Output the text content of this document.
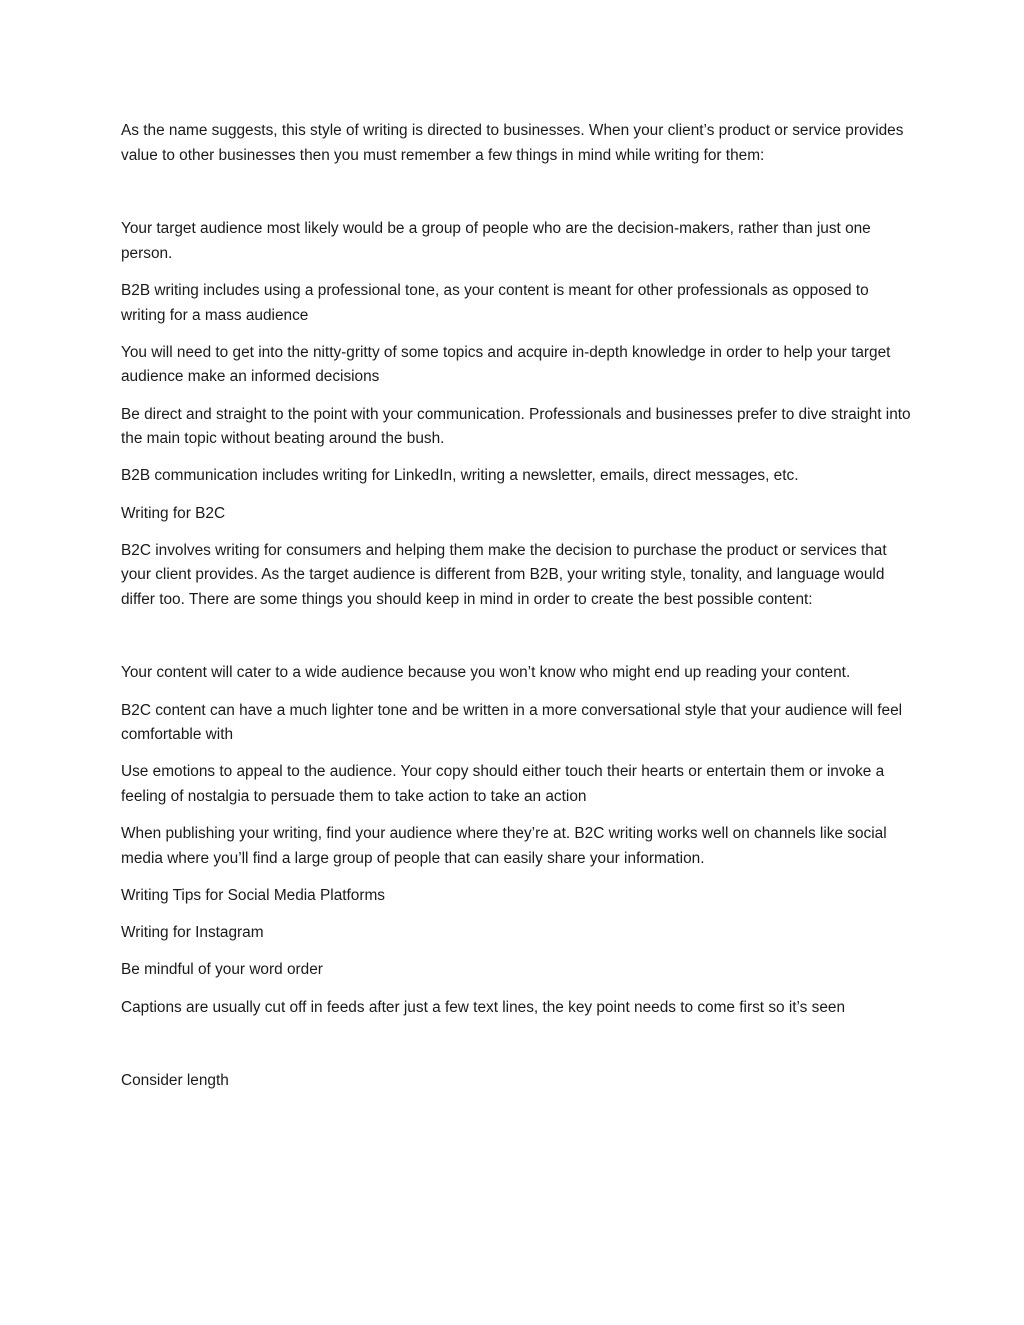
As the name suggests, this style of writing is directed to businesses. When your client’s product or service provides value to other businesses then you must remember a few things in mind while writing for them:

Your target audience most likely would be a group of people who are the decision-makers, rather than just one person.

B2B writing includes using a professional tone, as your content is meant for other professionals as opposed to writing for a mass audience

You will need to get into the nitty-gritty of some topics and acquire in-depth knowledge in order to help your target audience make an informed decisions

Be direct and straight to the point with your communication. Professionals and businesses prefer to dive straight into the main topic without beating around the bush.

B2B communication includes writing for LinkedIn, writing a newsletter, emails, direct messages, etc.

Writing for B2C

B2C involves writing for consumers and helping them make the decision to purchase the product or services that your client provides. As the target audience is different from B2B, your writing style, tonality, and language would differ too. There are some things you should keep in mind in order to create the best possible content:

Your content will cater to a wide audience because you won’t know who might end up reading your content.

B2C content can have a much lighter tone and be written in a more conversational style that your audience will feel comfortable with

Use emotions to appeal to the audience. Your copy should either touch their hearts or entertain them or invoke a feeling of nostalgia to persuade them to take action to take an action

When publishing your writing, find your audience where they’re at. B2C writing works well on channels like social media where you’ll find a large group of people that can easily share your information.

Writing Tips for Social Media Platforms

Writing for Instagram

Be mindful of your word order

Captions are usually cut off in feeds after just a few text lines, the key point needs to come first so it’s seen

Consider length
